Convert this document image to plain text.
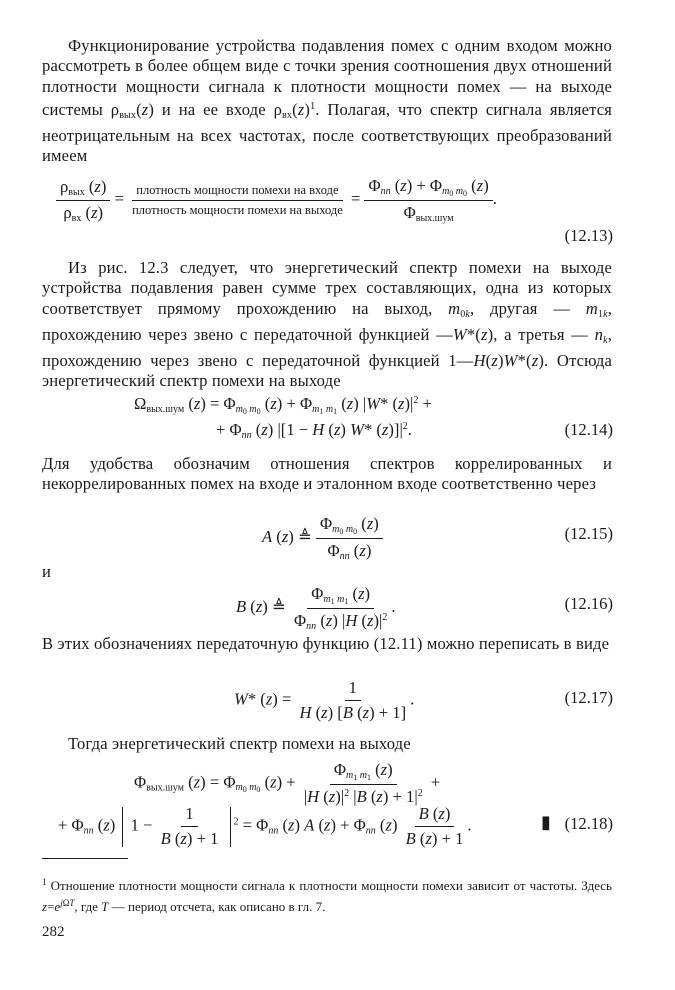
Функционирование устройства подавления помех с одним входом можно рассмотреть в более общем виде с точки зрения соотношения двух отношений плотности мощности сигнала к плотности мощности помех — на выходе системы $\rho_{вых}(z)$ и на ее входе $\rho_{вх}(z)^1$. Полагая, что спектр сигнала является неотрицательным на всех частотах, после соответствующих преобразований имеем
$\frac{\rho_{вых} (z)}{\rho_{вх} (z)} = \frac{\text{плотность мощности помехи на входе}}{\text{плотность мощности помехи на выходе}} = \frac{\Phi_{nn} (z) + \Phi_{m_0 m_0} (z)}{\Phi_{вых.шум}}$ .
(12.13)
Из рис. 12.3 следует, что энергетический спектр помехи на выходе устройства подавления равен сумме трех составляющих, одна из которых соответствует прямому прохождению на выход, $m_{0k}$, другая — $m_{1k}$, прохождению через звено с передаточной функцией —W*(z), а третья — $n_k$, прохождению через звено с передаточной функцией 1—H(z)W*(z). Отсюда энергетический спектр помехи на выходе
$\Omega_{вых.шум}$ $(z) = \Phi_{m_0 m_0}$ $(z) + \Phi_{m_1 m_1}$ (z) |W* $(z)|^2$ +
+ $\Phi_{nn}$ (z) |[1 − H (z) W* $(z)]|^2$.	(12.14)
Для удобства обозначим отношения спектров коррелированных и некоррелированных помех на входе и эталонном входе соответственно через
A (z) ≜ $\frac{\Phi_{m_0 m_0} (z)}{\Phi_{nn} (z)}$	(12.15)
и
B (z) ≜ $\frac{\Phi_{m_1 m_1} (z)}{\Phi_{nn} (z) |H (z)|^2}$ .	(12.16)
В этих обозначениях передаточную функцию (12.11) можно переписать в виде
W* $(z) = \frac{1}{H (z) [B (z) + 1]}$ .	(12.17)
Тогда энергетический спектр помехи на выходе
$\Phi_{вых.шум}$ $(z) = \Phi_{m_0 m_0}$ $(z) + \frac{\Phi_{m_1 m_1} (z)}{|H (z)|^2 |B (z) + 1|^2}$ +
+ $\Phi_{nn}$ (z)  $1 - \frac{1}{B (z) + 1} ^2 = \Phi_{nn}$ (z) A $(z) + \Phi_{nn}$ $(z) \frac{B (z)}{B (z) + 1}$ .	▮ (12.18)
$^1$ Отношение плотности мощности сигнала к плотности мощности помехи зависит от частоты. Здесь $z=e^{j\Omega T}$, где T — период отсчета, как описано в гл. 7.
282
